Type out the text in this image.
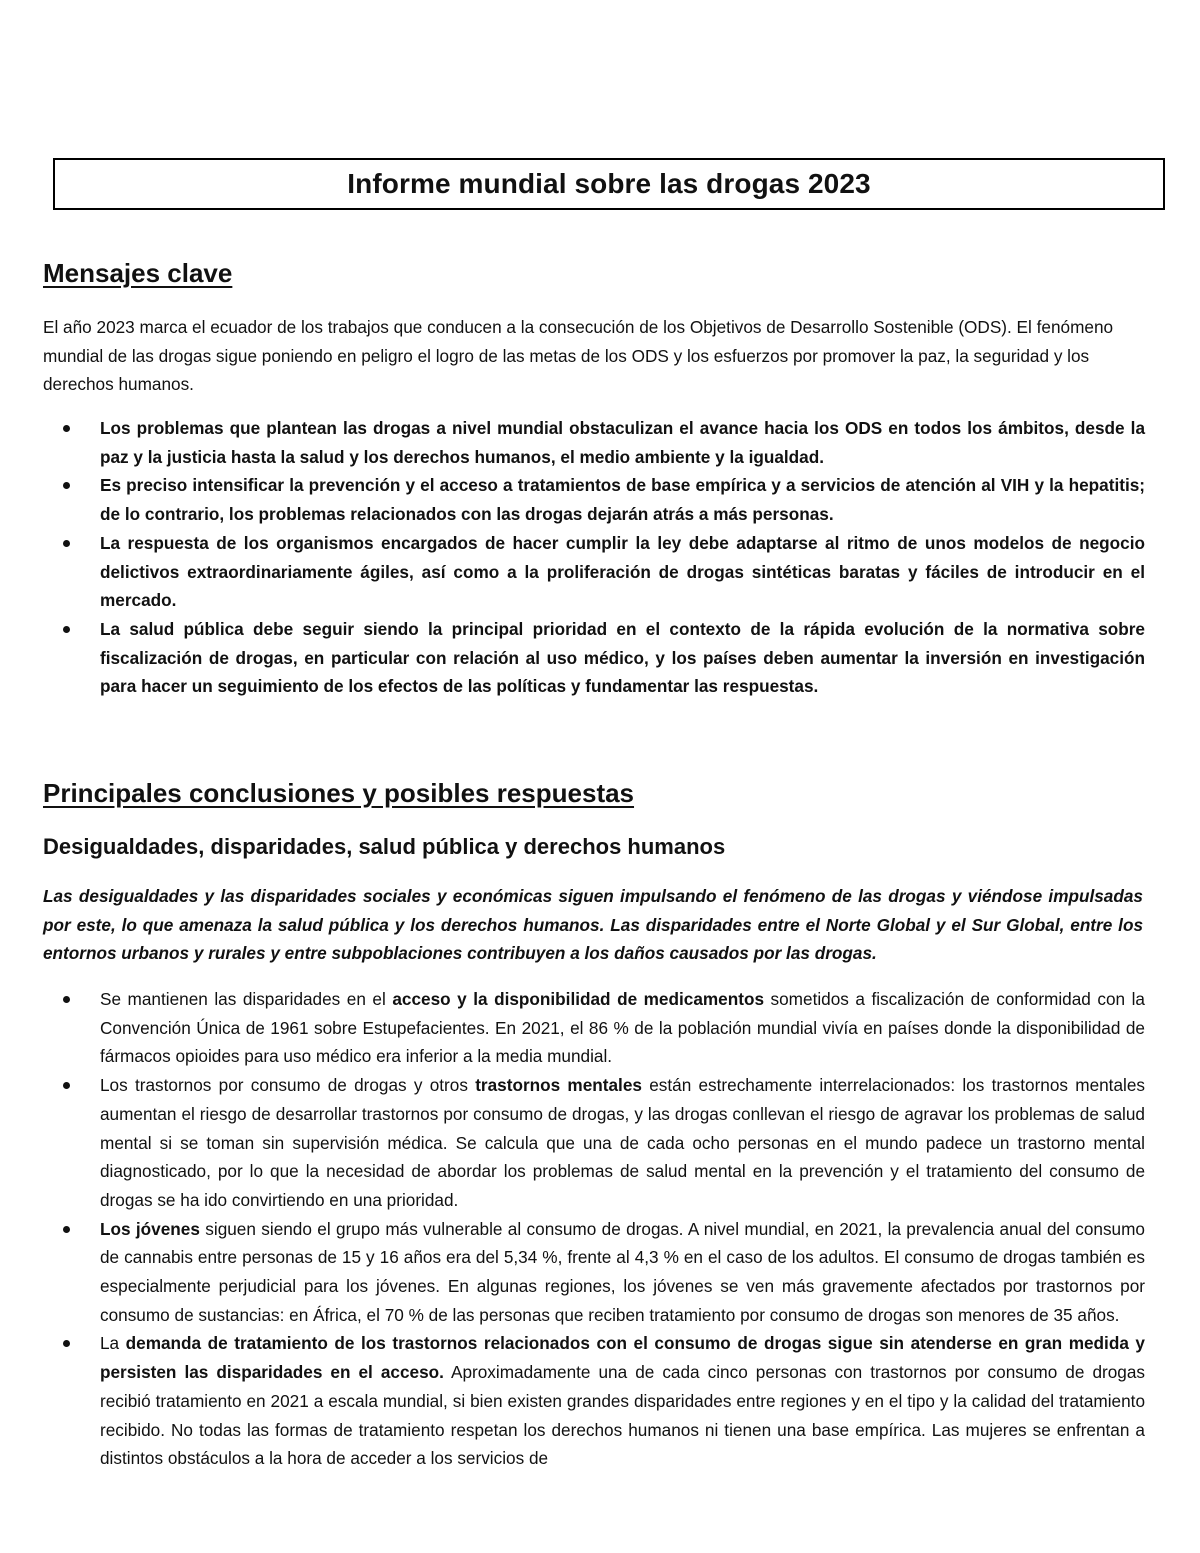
Informe mundial sobre las drogas 2023
Mensajes clave

El año 2023 marca el ecuador de los trabajos que conducen a la consecución de los Objetivos de Desarrollo Sostenible (ODS). El fenómeno mundial de las drogas sigue poniendo en peligro el logro de las metas de los ODS y los esfuerzos por promover la paz, la seguridad y los derechos humanos.

Los problemas que plantean las drogas a nivel mundial obstaculizan el avance hacia los ODS en todos los ámbitos, desde la paz y la justicia hasta la salud y los derechos humanos, el medio ambiente y la igualdad.
Es preciso intensificar la prevención y el acceso a tratamientos de base empírica y a servicios de atención al VIH y la hepatitis; de lo contrario, los problemas relacionados con las drogas dejarán atrás a más personas.
La respuesta de los organismos encargados de hacer cumplir la ley debe adaptarse al ritmo de unos modelos de negocio delictivos extraordinariamente ágiles, así como a la proliferación de drogas sintéticas baratas y fáciles de introducir en el mercado.
La salud pública debe seguir siendo la principal prioridad en el contexto de la rápida evolución de la normativa sobre fiscalización de drogas, en particular con relación al uso médico, y los países deben aumentar la inversión en investigación para hacer un seguimiento de los efectos de las políticas y fundamentar las respuestas.
Principales conclusiones y posibles respuestas
Desigualdades, disparidades, salud pública y derechos humanos

Las desigualdades y las disparidades sociales y económicas siguen impulsando el fenómeno de las drogas y viéndose impulsadas por este, lo que amenaza la salud pública y los derechos humanos. Las disparidades entre el Norte Global y el Sur Global, entre los entornos urbanos y rurales y entre subpoblaciones contribuyen a los daños causados por las drogas.

Se mantienen las disparidades en el acceso y la disponibilidad de medicamentos sometidos a fiscalización de conformidad con la Convención Única de 1961 sobre Estupefacientes. En 2021, el 86 % de la población mundial vivía en países donde la disponibilidad de fármacos opioides para uso médico era inferior a la media mundial.
Los trastornos por consumo de drogas y otros trastornos mentales están estrechamente interrelacionados: los trastornos mentales aumentan el riesgo de desarrollar trastornos por consumo de drogas, y las drogas conllevan el riesgo de agravar los problemas de salud mental si se toman sin supervisión médica. Se calcula que una de cada ocho personas en el mundo padece un trastorno mental diagnosticado, por lo que la necesidad de abordar los problemas de salud mental en la prevención y el tratamiento del consumo de drogas se ha ido convirtiendo en una prioridad.
Los jóvenes siguen siendo el grupo más vulnerable al consumo de drogas. A nivel mundial, en 2021, la prevalencia anual del consumo de cannabis entre personas de 15 y 16 años era del 5,34 %, frente al 4,3 % en el caso de los adultos. El consumo de drogas también es especialmente perjudicial para los jóvenes. En algunas regiones, los jóvenes se ven más gravemente afectados por trastornos por consumo de sustancias: en África, el 70 % de las personas que reciben tratamiento por consumo de drogas son menores de 35 años.
La demanda de tratamiento de los trastornos relacionados con el consumo de drogas sigue sin atenderse en gran medida y persisten las disparidades en el acceso. Aproximadamente una de cada cinco personas con trastornos por consumo de drogas recibió tratamiento en 2021 a escala mundial, si bien existen grandes disparidades entre regiones y en el tipo y la calidad del tratamiento recibido. No todas las formas de tratamiento respetan los derechos humanos ni tienen una base empírica. Las mujeres se enfrentan a distintos obstáculos a la hora de acceder a los servicios de
